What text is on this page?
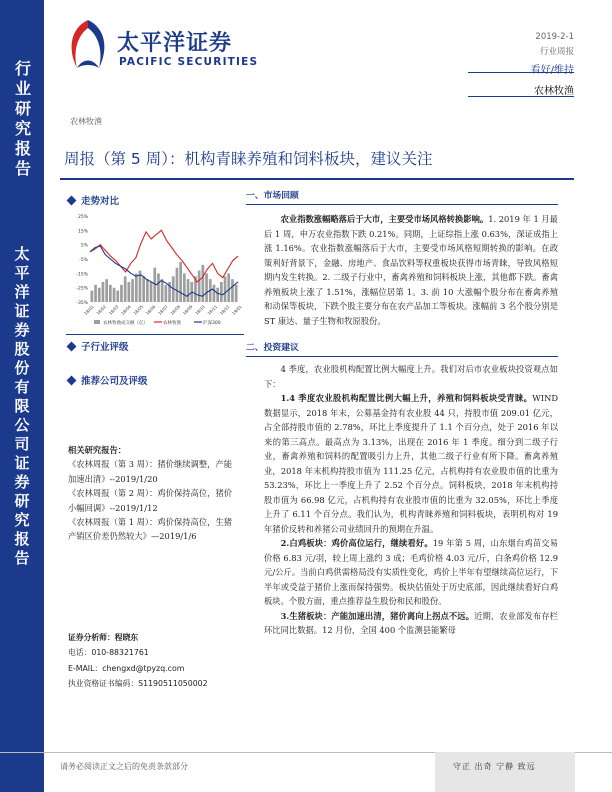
行业研究报告
太平洋证券股份有限公司证券研究报告
太平洋证券
PACIFIC SECURITIES
2019-2-1
行业周报
看好/维持
农林牧渔
农林牧渔
周报（第 5 周）：机构青睐养殖和饲料板块，建议关注
走势对比
25%
15%
5%
-5%
-15%
-25%
-35%
18/01 18/02 18/03 18/04 18/05 18/06 18/07 18/08 18/09 18/10 18/11 18/12 19/01
农林牧渔成交额（亿）	农林牧渔	沪深300
子行业评级
推荐公司及评级
相关研究报告：
《农林周报（第 3 周）：猪价继续调整，产能加速出清》--2019/1/20
《农林周报（第 2 周）：鸡价保持高位，猪价小幅回调》--2019/1/12
《农林周报（第 1 周）：鸡价保持高位，生猪产销区价差仍然较大》—2019/1/6
证券分析师：程晓东
电话：010-88321761
E-MAIL：chengxd@tpyzq.com
执业资格证书编码：S1190511050002
一、市场回顾
农业指数涨幅略落后于大市，主要受市场风格转换影响。1. 2019 年 1 月最后 1 周，申万农业指数下跌 0.21%。同期，上证综指上涨 0.63%，深证成指上涨 1.16%。农业指数涨幅落后于大市，主要受市场风格短期转换的影响。在政策利好背景下，金融、房地产、食品饮料等权重板块获得市场青睐，导致风格短期内发生转换。2. 二级子行业中，畜禽养殖和饲料板块上涨，其他都下跌。畜禽养殖板块上涨了 1.51%，涨幅位居第 1。3. 前 10 大涨幅个股分布在畜禽养殖和动保等板块，下跌个股主要分布在农产品加工等板块。涨幅前 3 名个股分别是 ST 康达、量子生物和牧原股份。
二、投资建议
4 季度，农业股机构配置比例大幅度上升。我们对后市农业板块投资观点如下：
1.4 季度农业股机构配置比例大幅上升，养殖和饲料板块受青睐。WIND 数据显示，2018 年末，公募基金持有农业股 44 只，持股市值 209.01 亿元，占全部持股市值的 2.78%，环比上季度提升了 1.1 个百分点，处于 2016 年以来的第三高点。最高点为 3.13%，出现在 2016 年 1 季度。细分到二级子行业，畜禽养殖和饲料的配置吸引力上升，其他二级子行业有所下降。畜禽养殖业，2018 年末机构持股市值为 111.25 亿元，占机构持有农业股市值的比重为 53.23%，环比上一季度上升了 2.52 个百分点。饲料板块，2018 年末机构持股市值为 66.98 亿元，占机构持有农业股市值的比重为 32.05%，环比上季度上升了 6.11 个百分点。我们认为，机构青睐养殖和饲料板块，表明机构对 19 年猪价反转和养猪公司业绩回升的预期在升温。
2.白鸡板块：鸡价高位运行，继续看好。19 年第 5 周，山东烟台鸡苗交易价格 6.83 元/羽，较上周上涨约 3 成；毛鸡价格 4.03 元/斤，白条鸡价格 12.9 元/公斤。当前白鸡供需格局没有实质性变化，鸡价上半年有望继续高位运行，下半年或受益于猪价上涨而保持强势。板块估值处于历史底部，因此继续看好白鸡板块。个股方面，重点推荐益生股份和民和股份。
3.生猪板块：产能加速出清，猪价离向上拐点不远。近期，农业部发布存栏环比同比数据。12 月份，全国 400 个监测县能繁母
请务必阅读正文之后的免责条款部分	守正 出奇 宁静 致远
